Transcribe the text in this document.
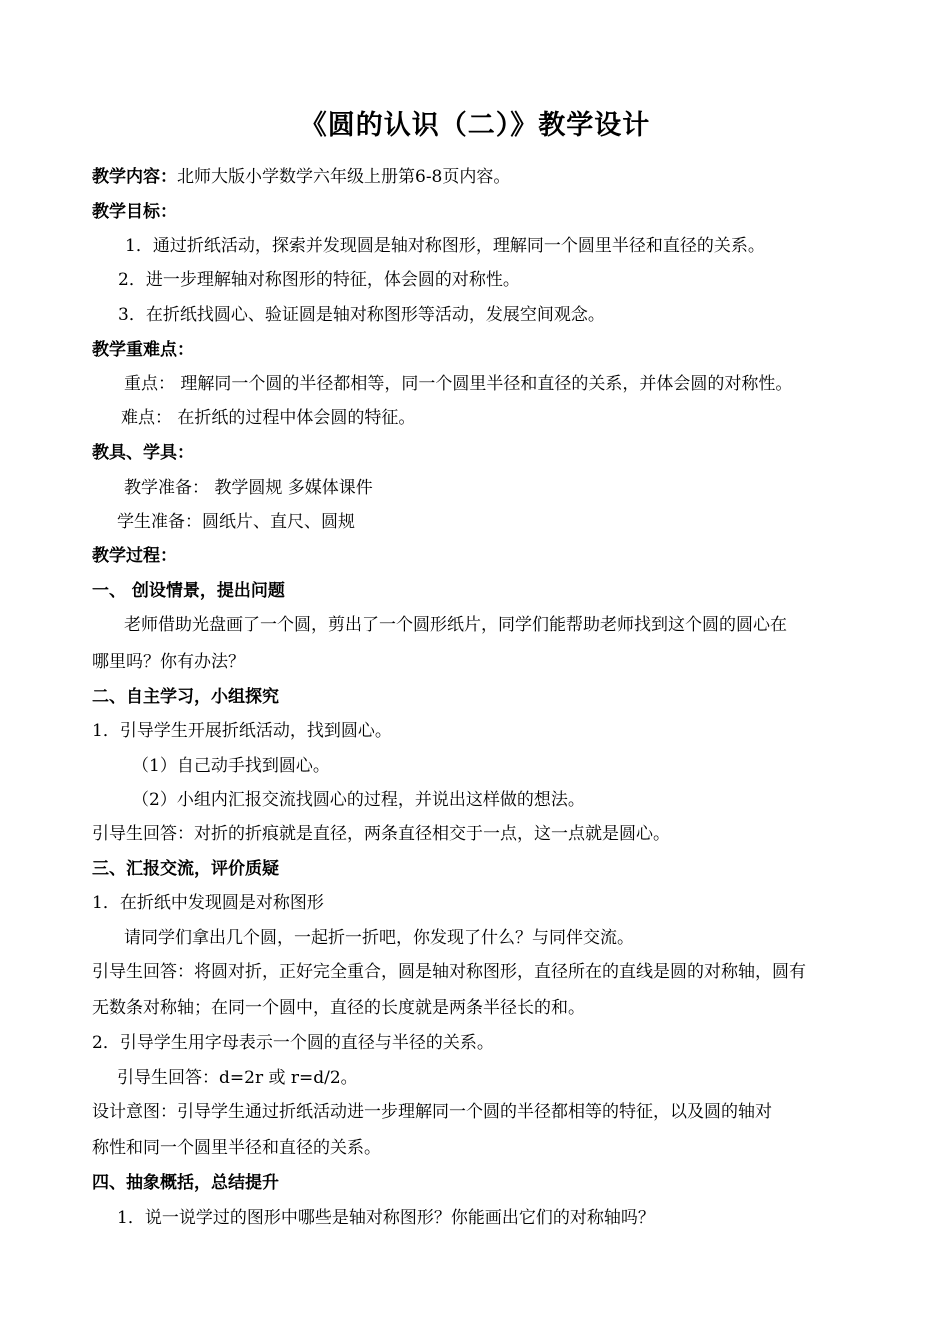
《圆的认识（二）》教学设计
教学内容：北师大版小学数学六年级上册第6-8页内容。
教学目标：
1．通过折纸活动，探索并发现圆是轴对称图形，理解同一个圆里半径和直径的关系。
2．进一步理解轴对称图形的特征，体会圆的对称性。
3．在折纸找圆心、验证圆是轴对称图形等活动，发展空间观念。
教学重难点：
重点： 理解同一个圆的半径都相等，同一个圆里半径和直径的关系，并体会圆的对称性。
难点： 在折纸的过程中体会圆的特征。
教具、学具：
教学准备： 教学圆规 多媒体课件
学生准备：圆纸片、直尺、圆规
教学过程：
一、 创设情景，提出问题
老师借助光盘画了一个圆，剪出了一个圆形纸片，同学们能帮助老师找到这个圆的圆心在
哪里吗？你有办法？
二、自主学习，小组探究
1．引导学生开展折纸活动，找到圆心。
（1）自己动手找到圆心。
（2）小组内汇报交流找圆心的过程，并说出这样做的想法。
引导生回答：对折的折痕就是直径，两条直径相交于一点，这一点就是圆心。
三、汇报交流，评价质疑
1．在折纸中发现圆是对称图形
请同学们拿出几个圆，一起折一折吧，你发现了什么？与同伴交流。
引导生回答：将圆对折，正好完全重合，圆是轴对称图形，直径所在的直线是圆的对称轴，圆有
无数条对称轴；在同一个圆中，直径的长度就是两条半径长的和。
2．引导学生用字母表示一个圆的直径与半径的关系。
引导生回答：d=2r 或 r=d/2。
设计意图：引导学生通过折纸活动进一步理解同一个圆的半径都相等的特征，以及圆的轴对
称性和同一个圆里半径和直径的关系。
四、抽象概括，总结提升
1．说一说学过的图形中哪些是轴对称图形？你能画出它们的对称轴吗？
